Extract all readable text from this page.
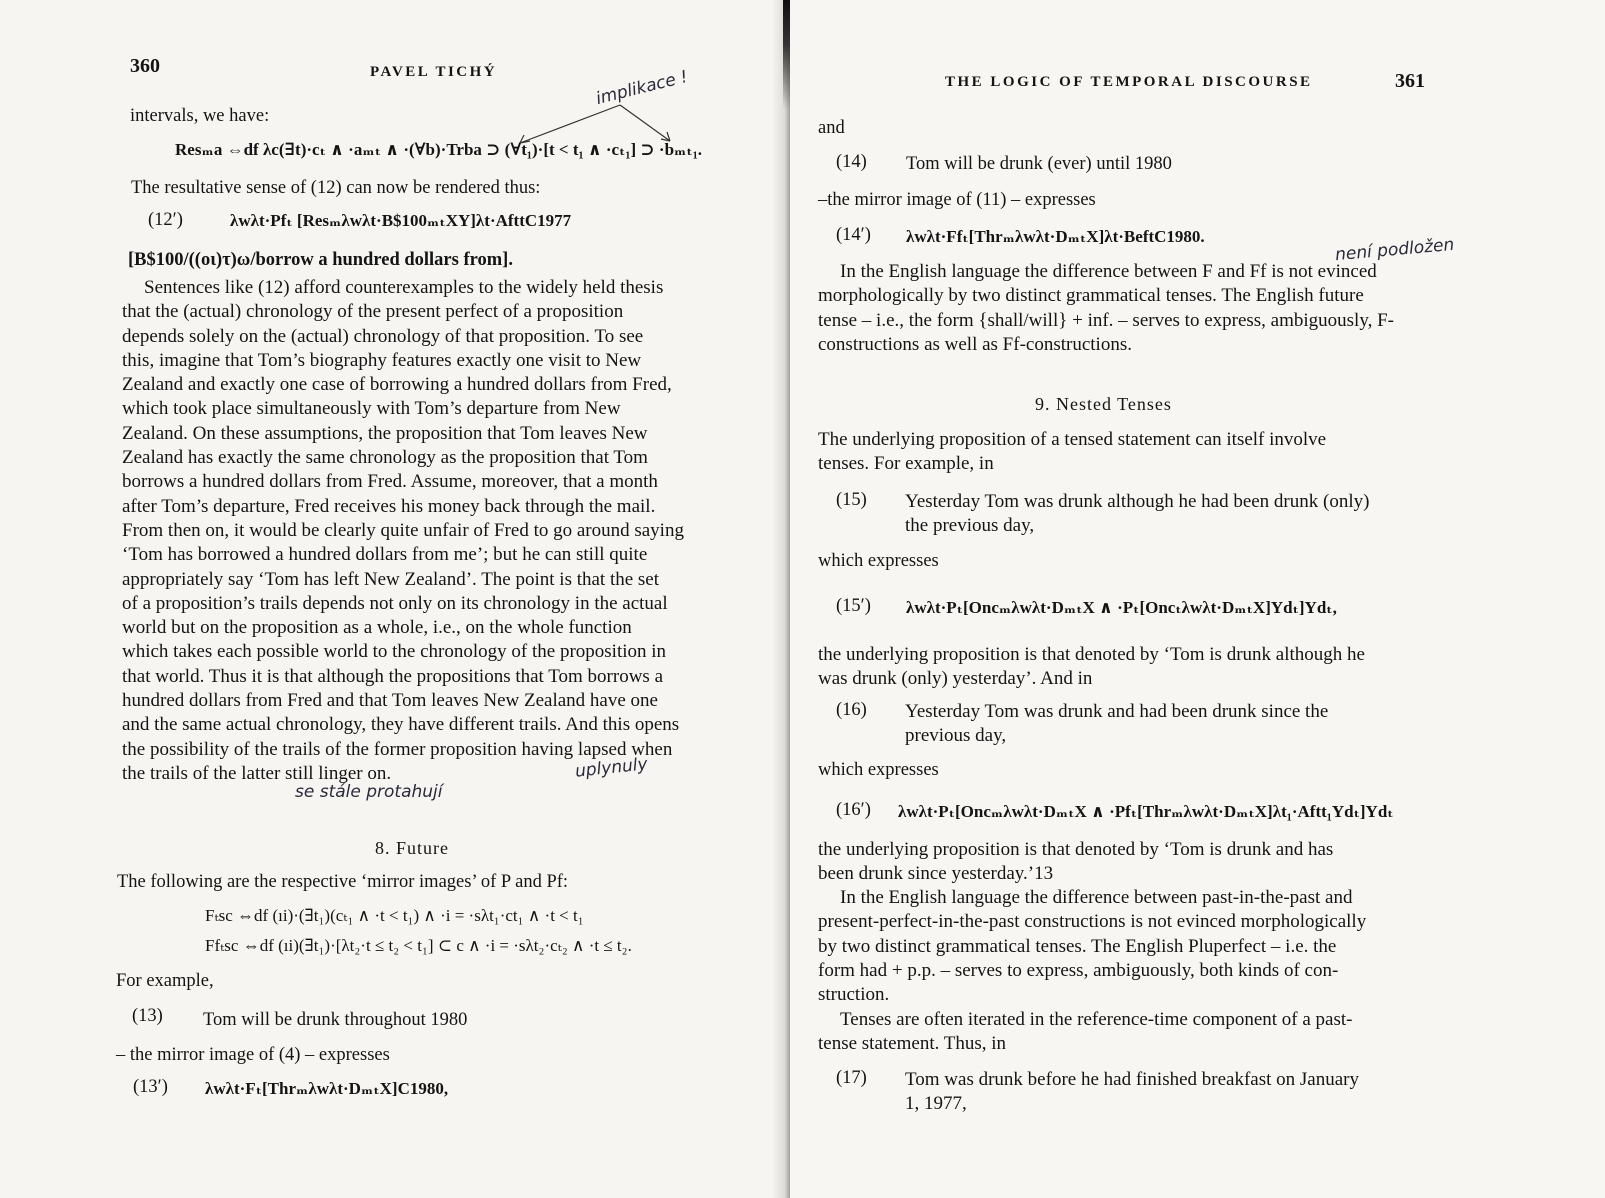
360	PAVEL TICHÝ
intervals, we have:
Resₘa ⇔df λc(∃t)·cₜ ∧ ·aₘₜ ∧ ·(∀b)·Trba ⊃ (∀t₁)·[t < t₁ ∧ ·cₜ₁] ⊃ ·bₘₜ₁.
The resultative sense of (12) can now be rendered thus:
(12′)	λwλt·Pfₜ [Resₘλwλt·B$100ₘₜXY]λt·AfttC1977
[B$100/((οι)τ)ω/borrow a hundred dollars from].

Sentences like (12) afford counterexamples to the widely held thesis

that the (actual) chronology of the present perfect of a proposition

depends solely on the (actual) chronology of that proposition. To see

this, imagine that Tom’s biography features exactly one visit to New

Zealand and exactly one case of borrowing a hundred dollars from Fred,

which took place simultaneously with Tom’s departure from New

Zealand. On these assumptions, the proposition that Tom leaves New

Zealand has exactly the same chronology as the proposition that Tom

borrows a hundred dollars from Fred. Assume, moreover, that a month

after Tom’s departure, Fred receives his money back through the mail.

From then on, it would be clearly quite unfair of Fred to go around saying

‘Tom has borrowed a hundred dollars from me’; but he can still quite

appropriately say ‘Tom has left New Zealand’. The point is that the set

of a proposition’s trails depends not only on its chronology in the actual

world but on the proposition as a whole, i.e., on the whole function

which takes each possible world to the chronology of the proposition in

that world. Thus it is that although the propositions that Tom borrows a

hundred dollars from Fred and that Tom leaves New Zealand have one

and the same actual chronology, they have different trails. And this opens

the possibility of the trails of the former proposition having lapsed when

the trails of the latter still linger on.

se stále protahují
uplynuly
8. Future
The following are the respective ‘mirror images’ of P and Pf:
Fₜsc ⇔df (ıi)·(∃t₁)(cₜ₁ ∧ ·t < t₁) ∧ ·i = ·sλt₁·ct₁ ∧ ·t < t₁
Ffₜsc ⇔df (ıi)(∃t₁)·[λt₂·t ≤ t₂ < t₁] ⊂ c ∧ ·i = ·sλt₂·cₜ₂ ∧ ·t ≤ t₂.
For example,
(13) Tom will be drunk throughout 1980
– the mirror image of (4) – expresses
(13′) λwλt·Fₜ[Thrₘλwλt·DₘₜX]C1980,
THE LOGIC OF TEMPORAL DISCOURSE	361
and
(14) Tom will be drunk (ever) until 1980
–the mirror image of (11) – expresses
(14′) λwλt·Ffₜ[Thrₘλwλt·DₘₜX]λt·BeftC1980.	není podložen

In the English language the difference between F and Ff is not evinced

morphologically by two distinct grammatical tenses. The English future

tense – i.e., the form {shall/will} + inf. – serves to express, ambiguously, F-

constructions as well as Ff-constructions.

9. Nested Tenses

The underlying proposition of a tensed statement can itself involve

tenses. For example, in

(15) Yesterday Tom was drunk although he had been drunk (only)

the previous day,

which expresses
(15′) λwλt·Pₜ[Oncₘλwλt·DₘₜX ∧ ·Pₜ[Oncₜλwλt·DₘₜX]Ydₜ]Ydₜ,

the underlying proposition is that denoted by ‘Tom is drunk although he

was drunk (only) yesterday’. And in

(16) Yesterday Tom was drunk and had been drunk since the

previous day,

which expresses
(16′) λwλt·Pₜ[Oncₘλwλt·DₘₜX ∧ ·Pfₜ[Thrₘλwλt·DₘₜX]λt₁·Aftt₁Ydₜ]Ydₜ

the underlying proposition is that denoted by ‘Tom is drunk and has

been drunk since yesterday.’13

In the English language the difference between past-in-the-past and

present-perfect-in-the-past constructions is not evinced morphologically

by two distinct grammatical tenses. The English Pluperfect – i.e. the

form had + p.p. – serves to express, ambiguously, both kinds of con-

struction.

Tenses are often iterated in the reference-time component of a past-

tense statement. Thus, in

(17) Tom was drunk before he had finished breakfast on January

1, 1977,

implikace !
